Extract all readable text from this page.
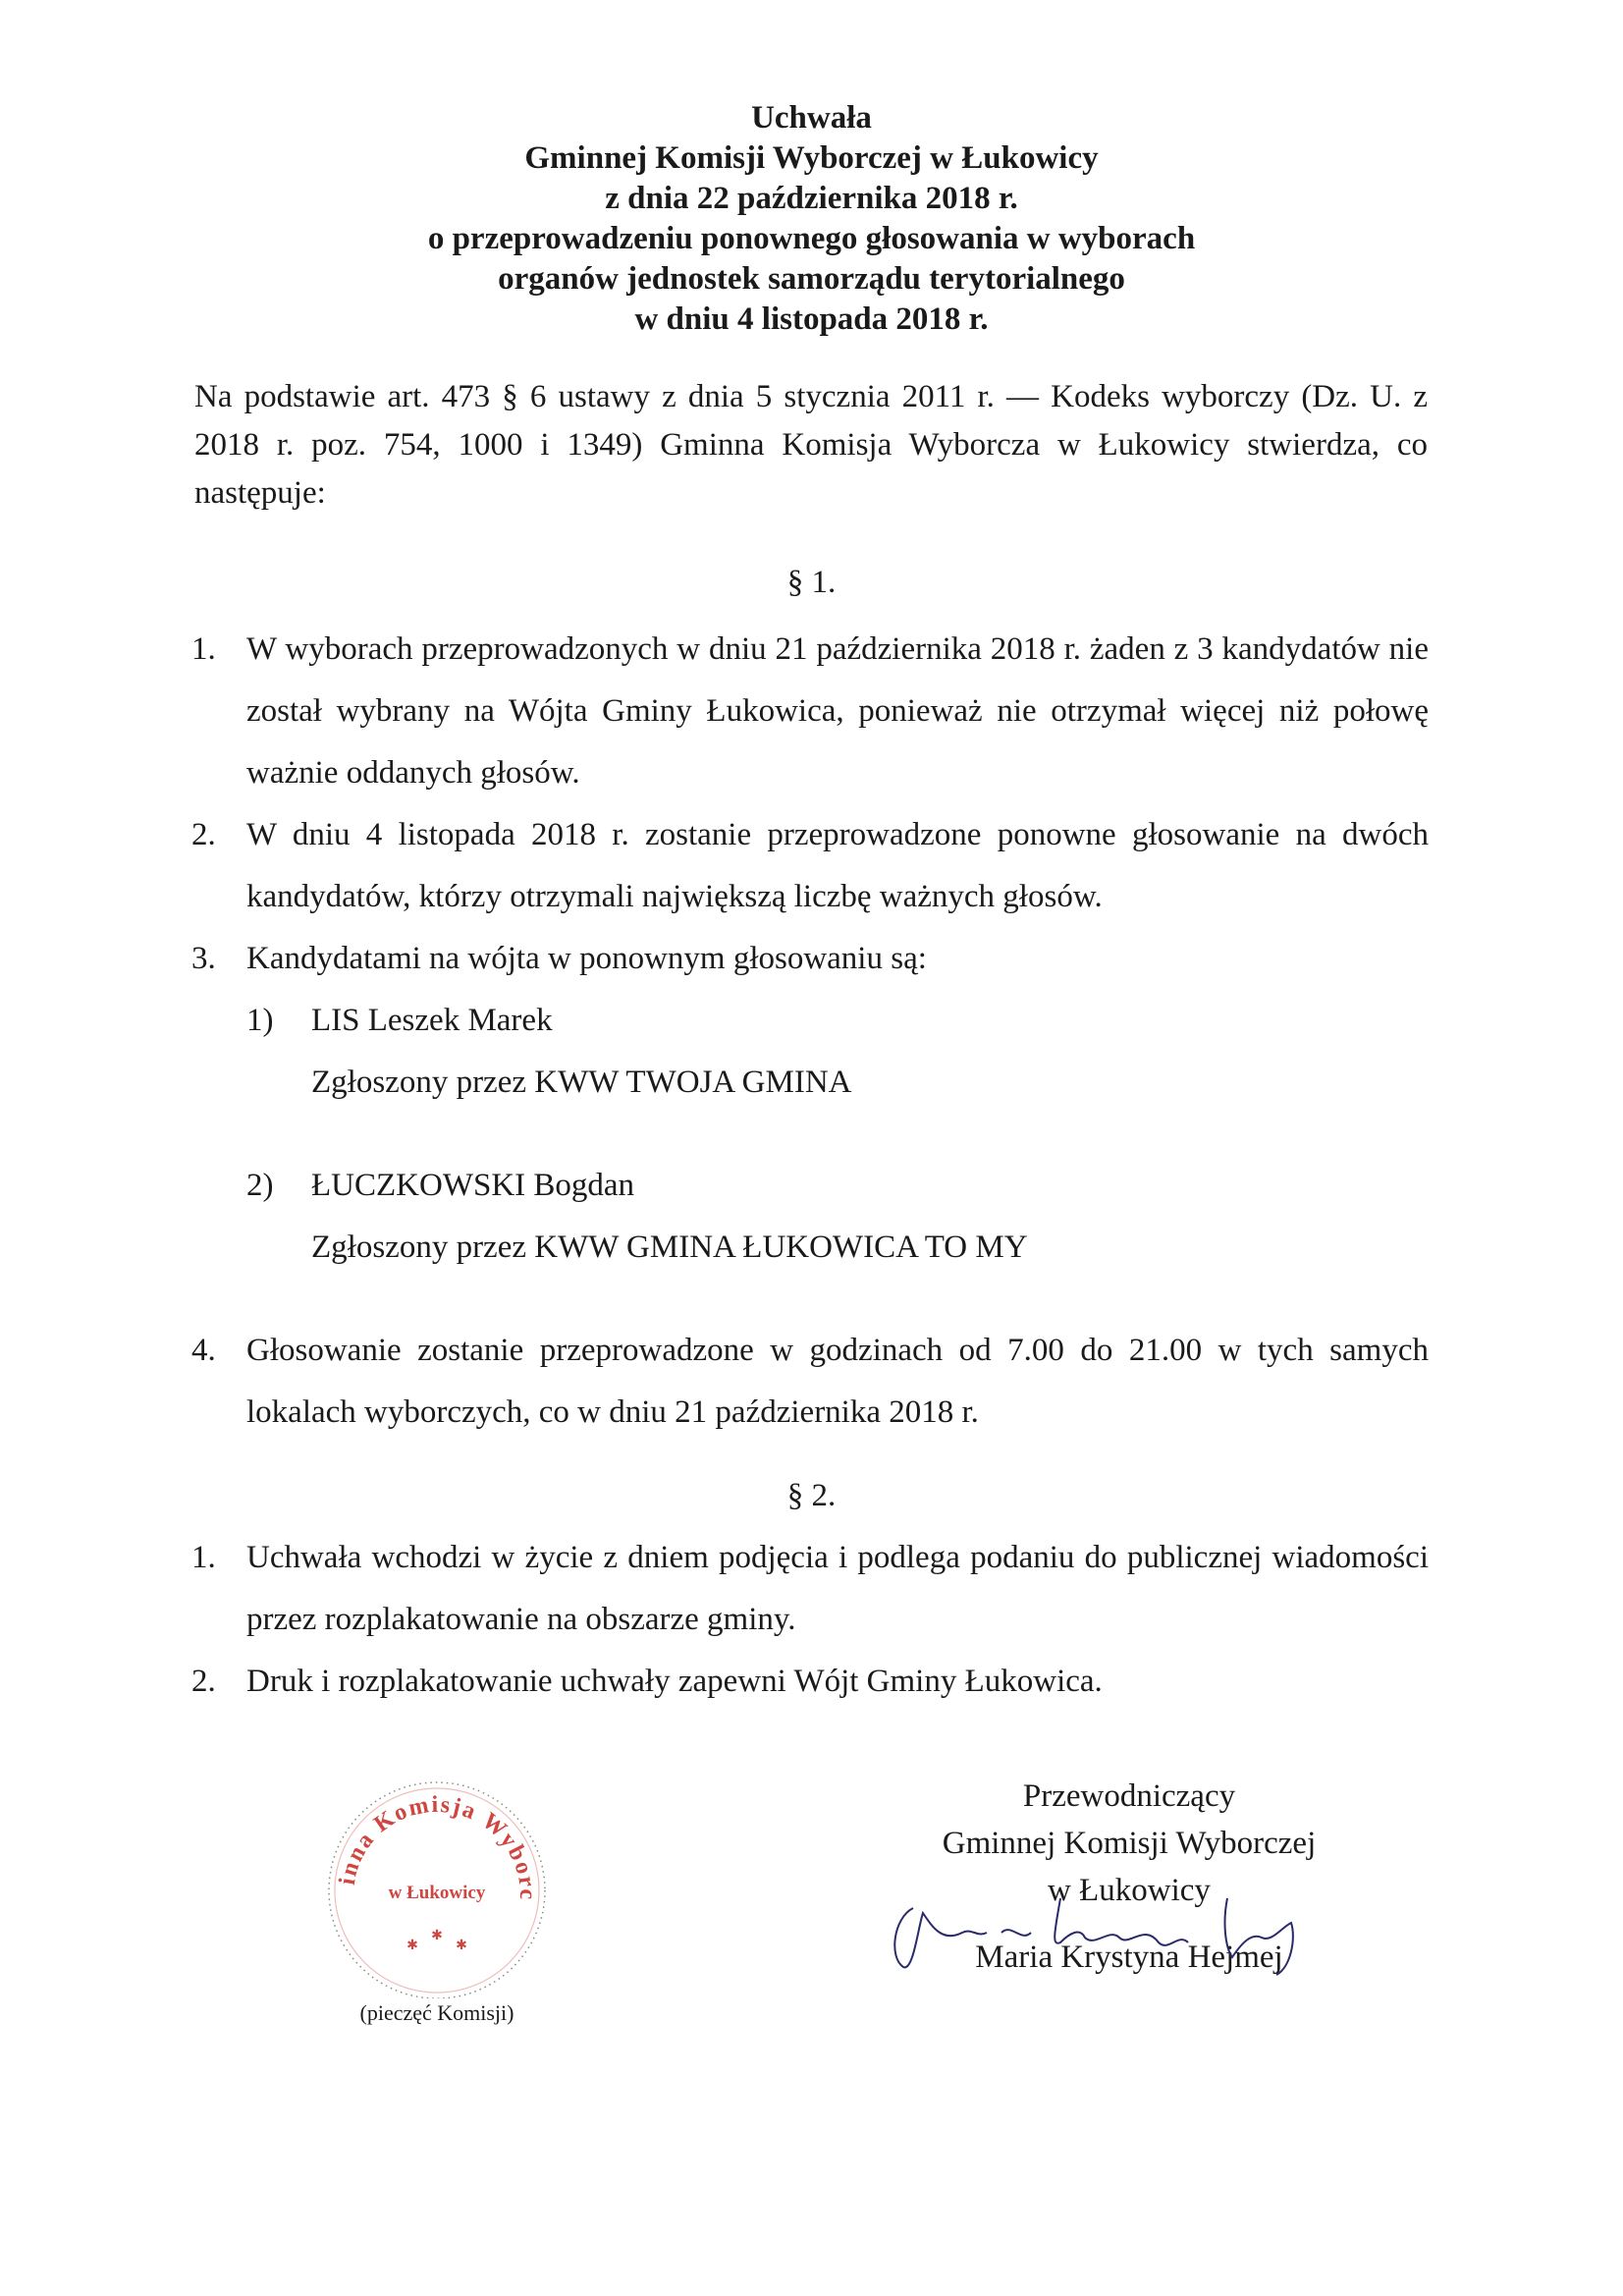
Uchwała
Gminnej Komisji Wyborczej w Łukowicy
z dnia 22 października 2018 r.
o przeprowadzeniu ponownego głosowania w wyborach
organów jednostek samorządu terytorialnego
w dniu 4 listopada 2018 r.
Na podstawie art. 473 § 6 ustawy z dnia 5 stycznia 2011 r. — Kodeks wyborczy (Dz. U. z 2018 r. poz. 754, 1000 i 1349) Gminna Komisja Wyborcza w Łukowicy stwierdza, co następuje:
§ 1.
1. W wyborach przeprowadzonych w dniu 21 października 2018 r. żaden z 3 kandydatów nie został wybrany na Wójta Gminy Łukowica, ponieważ nie otrzymał więcej niż połowę ważnie oddanych głosów.
2. W dniu 4 listopada 2018 r. zostanie przeprowadzone ponowne głosowanie na dwóch kandydatów, którzy otrzymali największą liczbę ważnych głosów.
3. Kandydatami na wójta w ponownym głosowaniu są:
1) LIS Leszek Marek
Zgłoszony przez KWW TWOJA GMINA
2) ŁUCZKOWSKI Bogdan
Zgłoszony przez KWW GMINA ŁUKOWICA TO MY
4. Głosowanie zostanie przeprowadzone w godzinach od 7.00 do 21.00 w tych samych lokalach wyborczych, co w dniu 21 października 2018 r.
§ 2.
1. Uchwała wchodzi w życie z dniem podjęcia i podlega podaniu do publicznej wiadomości przez rozplakatowanie na obszarze gminy.
2. Druk i rozplakatowanie uchwały zapewni Wójt Gminy Łukowica.
inna Komisja Wyborc
w Łukowicy
✱
✱
✱
(pieczęć Komisji)
Przewodniczący
Gminnej Komisji Wyborczej
w Łukowicy
Maria Krystyna Hejmej
